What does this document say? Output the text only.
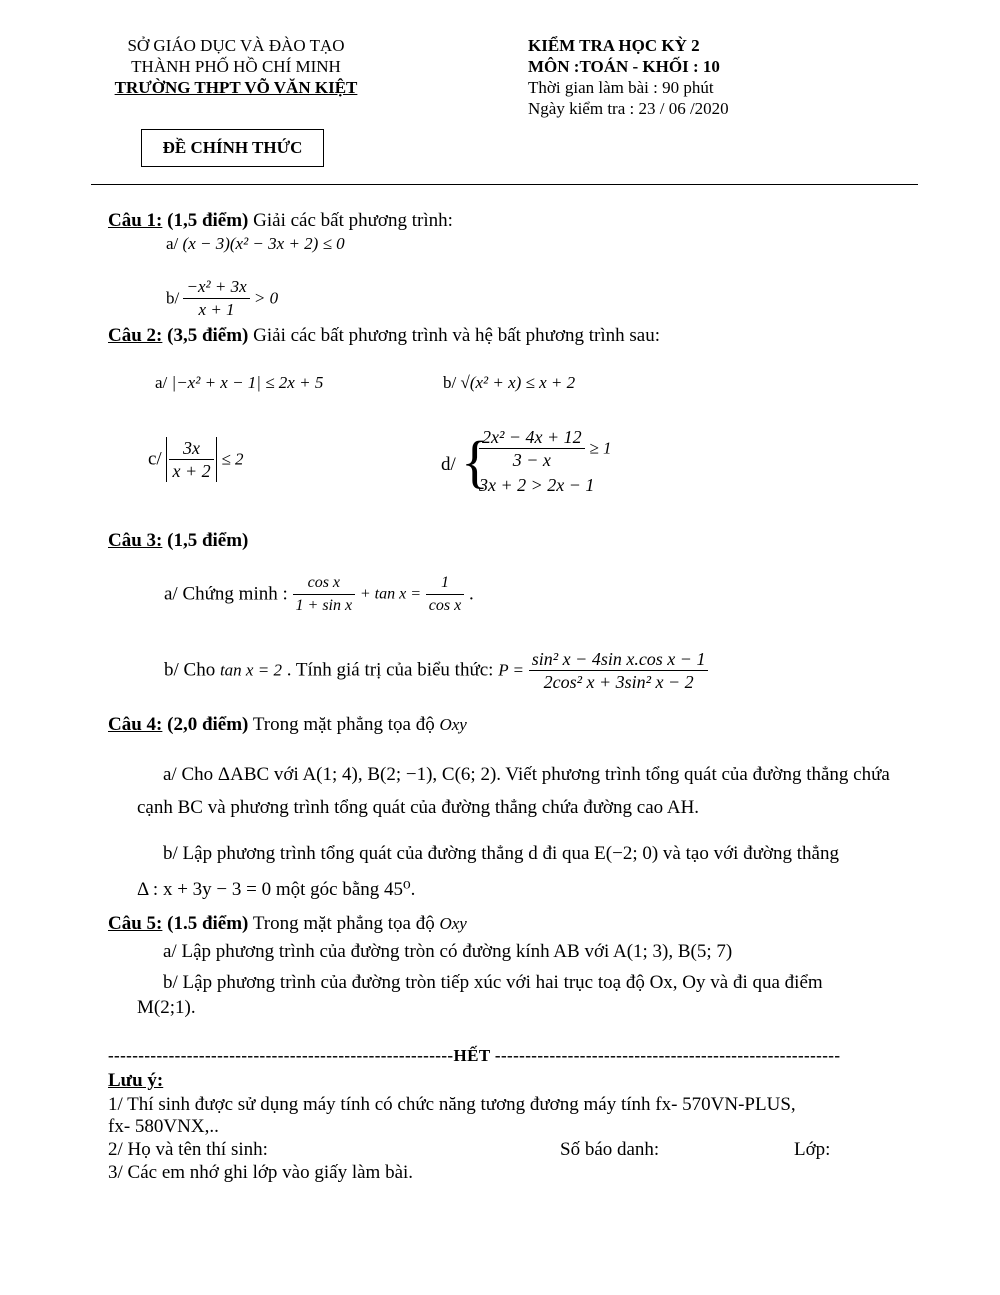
SỞ GIÁO DỤC VÀ ĐÀO TẠO
THÀNH PHỐ HỒ CHÍ MINH
TRƯỜNG THPT VÕ VĂN KIỆT
KIỂM TRA HỌC KỲ 2
MÔN :TOÁN - KHỐI : 10
Thời gian làm bài : 90 phút
Ngày kiểm tra : 23 / 06 /2020
ĐỀ CHÍNH THỨC
Câu 1: (1,5 điểm) Giải các bất phương trình:
a/ (x − 3)(x² − 3x + 2) ≤ 0
$b/ \frac{\text{−x² + 3x}}{x + 1} > 0$
Câu 2: (3,5 điểm) Giải các bất phương trình và hệ bất phương trình sau:
a/ |−x² + x − 1| ≤ 2x + 5	b/ √(x² + x) ≤ x + 2
$c/ \frac{3x}{x + 2} \le 2$	d/ {
$\frac{\text{2x² − 4x + 12}}{3 - x} \ge 1$
3x + 2 > 2x − 1
Câu 3: (1,5 điểm)
a/ Chứng minh : $\frac{\text{cos x}}{\text{1 + sin x}} + \tan x = \frac{1}{\text{cos x}}$ .
b/ Cho tan x = 2 . Tính giá trị của biểu thức: $P = \frac{\text{sin² x − 4sin x.cos x − 1}}{\text{2cos² x + 3sin² x − 2}}$
Câu 4: (2,0 điểm) Trong mặt phẳng tọa độ Oxy
a/ Cho ΔABC với A(1; 4), B(2; −1), C(6; 2). Viết phương trình tổng quát của đường thẳng chứa
cạnh BC và phương trình tổng quát của đường thẳng chứa đường cao AH.
b/ Lập phương trình tổng quát của đường thẳng d đi qua E(−2; 0) và tạo với đường thẳng
Δ : x + 3y − 3 = 0 một góc bằng 45⁰.
Câu 5: (1.5 điểm) Trong mặt phẳng tọa độ Oxy
a/ Lập phương trình của đường tròn có đường kính AB với A(1; 3), B(5; 7)
b/ Lập phương trình của đường tròn tiếp xúc với hai trục toạ độ Ox, Oy và đi qua điểm
M(2;1).
---------------------------------------------------------HẾT ---------------------------------------------------------
Lưu ý:
1/ Thí sinh được sử dụng máy tính có chức năng tương đương máy tính fx- 570VN-PLUS,
fx- 580VNX,..
2/ Họ và tên thí sinh:	Số báo danh:	Lớp:
3/ Các em nhớ ghi lớp vào giấy làm bài.
